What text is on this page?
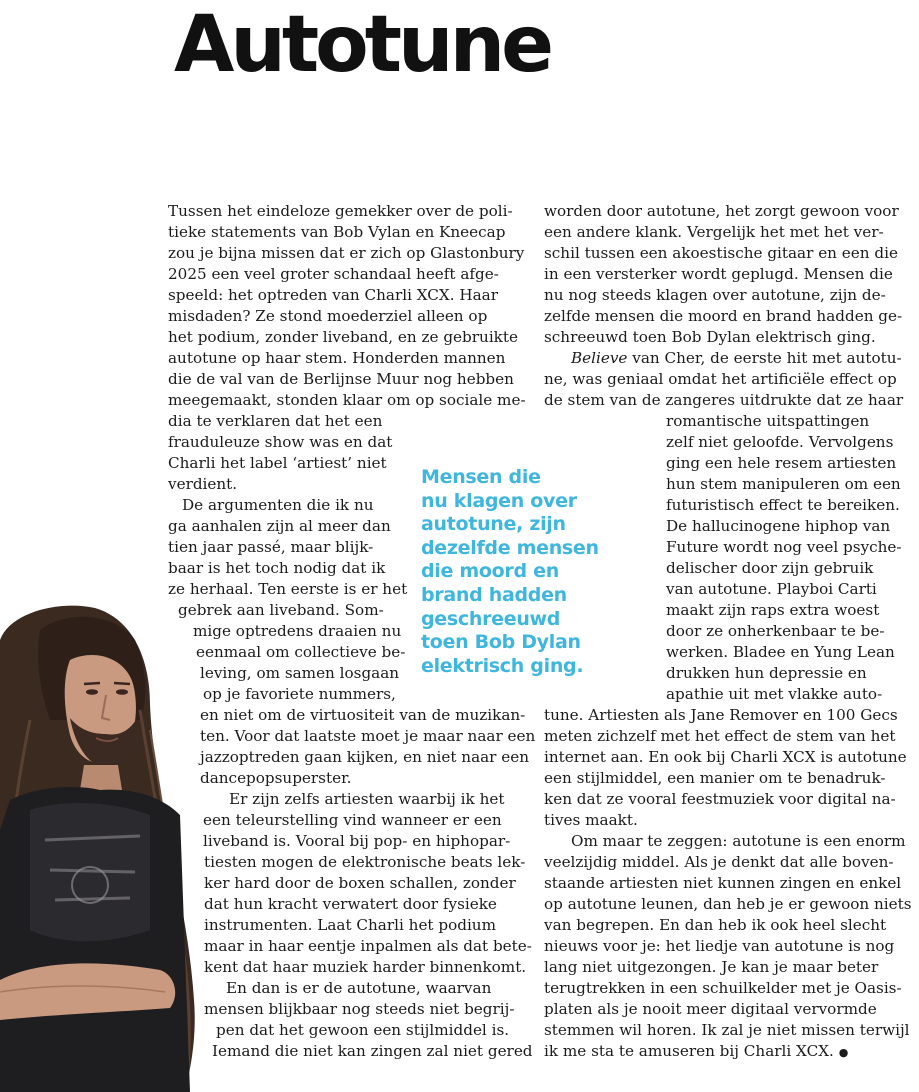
Autotune
Tussen het eindeloze gemekker over de poli-
tieke statements van Bob Vylan en Kneecap
zou je bijna missen dat er zich op Glastonbury
2025 een veel groter schandaal heeft afge-
speeld: het optreden van Charli XCX. Haar
misdaden? Ze stond moederziel alleen op
het podium, zonder liveband, en ze gebruikte
autotune op haar stem. Honderden mannen
die de val van de Berlijnse Muur nog hebben
meegemaakt, stonden klaar om op sociale me-
dia te verklaren dat het een
frauduleuze show was en dat
Charli het label ‘artiest’ niet
verdient.
De argumenten die ik nu
ga aanhalen zijn al meer dan
tien jaar passé, maar blijk-
baar is het toch nodig dat ik
ze herhaal. Ten eerste is er het
gebrek aan liveband. Som-
mige optredens draaien nu
eenmaal om collectieve be-
leving, om samen losgaan
op je favoriete nummers,
en niet om de virtuositeit van de muzikan-
ten. Voor dat laatste moet je maar naar een
jazzoptreden gaan kijken, en niet naar een
dancepopsuperster.
Er zijn zelfs artiesten waarbij ik het
een teleurstelling vind wanneer er een
liveband is. Vooral bij pop- en hiphopar-
tiesten mogen de elektronische beats lek-
ker hard door de boxen schallen, zonder
dat hun kracht verwatert door fysieke
instrumenten. Laat Charli het podium
maar in haar eentje inpalmen als dat bete-
kent dat haar muziek harder binnenkomt.
En dan is er de autotune, waarvan
mensen blijkbaar nog steeds niet begrij-
pen dat het gewoon een stijlmiddel is.
Iemand die niet kan zingen zal niet gered
worden door autotune, het zorgt gewoon voor
een andere klank. Vergelijk het met het ver-
schil tussen een akoestische gitaar en een die
in een versterker wordt geplugd. Mensen die
nu nog steeds klagen over autotune, zijn de-
zelfde mensen die moord en brand hadden ge-
schreeuwd toen Bob Dylan elektrisch ging.
Believe van Cher, de eerste hit met autotu-
ne, was geniaal omdat het artificiële effect op
de stem van de zangeres uitdrukte dat ze haar
romantische uitspattingen
zelf niet geloofde. Vervolgens
ging een hele resem artiesten
hun stem manipuleren om een
futuristisch effect te bereiken.
De hallucinogene hiphop van
Future wordt nog veel psyche-
delischer door zijn gebruik
van autotune. Playboi Carti
maakt zijn raps extra woest
door ze onherkenbaar te be-
werken. Bladee en Yung Lean
drukken hun depressie en
apathie uit met vlakke auto-
tune. Artiesten als Jane Remover en 100 Gecs
meten zichzelf met het effect de stem van het
internet aan. En ook bij Charli XCX is autotune
een stijlmiddel, een manier om te benadruk-
ken dat ze vooral feestmuziek voor digital na-
tives maakt.
Om maar te zeggen: autotune is een enorm
veelzijdig middel. Als je denkt dat alle boven-
staande artiesten niet kunnen zingen en enkel
op autotune leunen, dan heb je er gewoon niets
van begrepen. En dan heb ik ook heel slecht
nieuws voor je: het liedje van autotune is nog
lang niet uitgezongen. Je kan je maar beter
terugtrekken in een schuilkelder met je Oasis-
platen als je nooit meer digitaal vervormde
stemmen wil horen. Ik zal je niet missen terwijl
ik me sta te amuseren bij Charli XCX. ●

Mensen die
nu klagen over
autotune, zijn
dezelfde mensen
die moord en
brand hadden
geschreeuwd
toen Bob Dylan
elektrisch ging.
